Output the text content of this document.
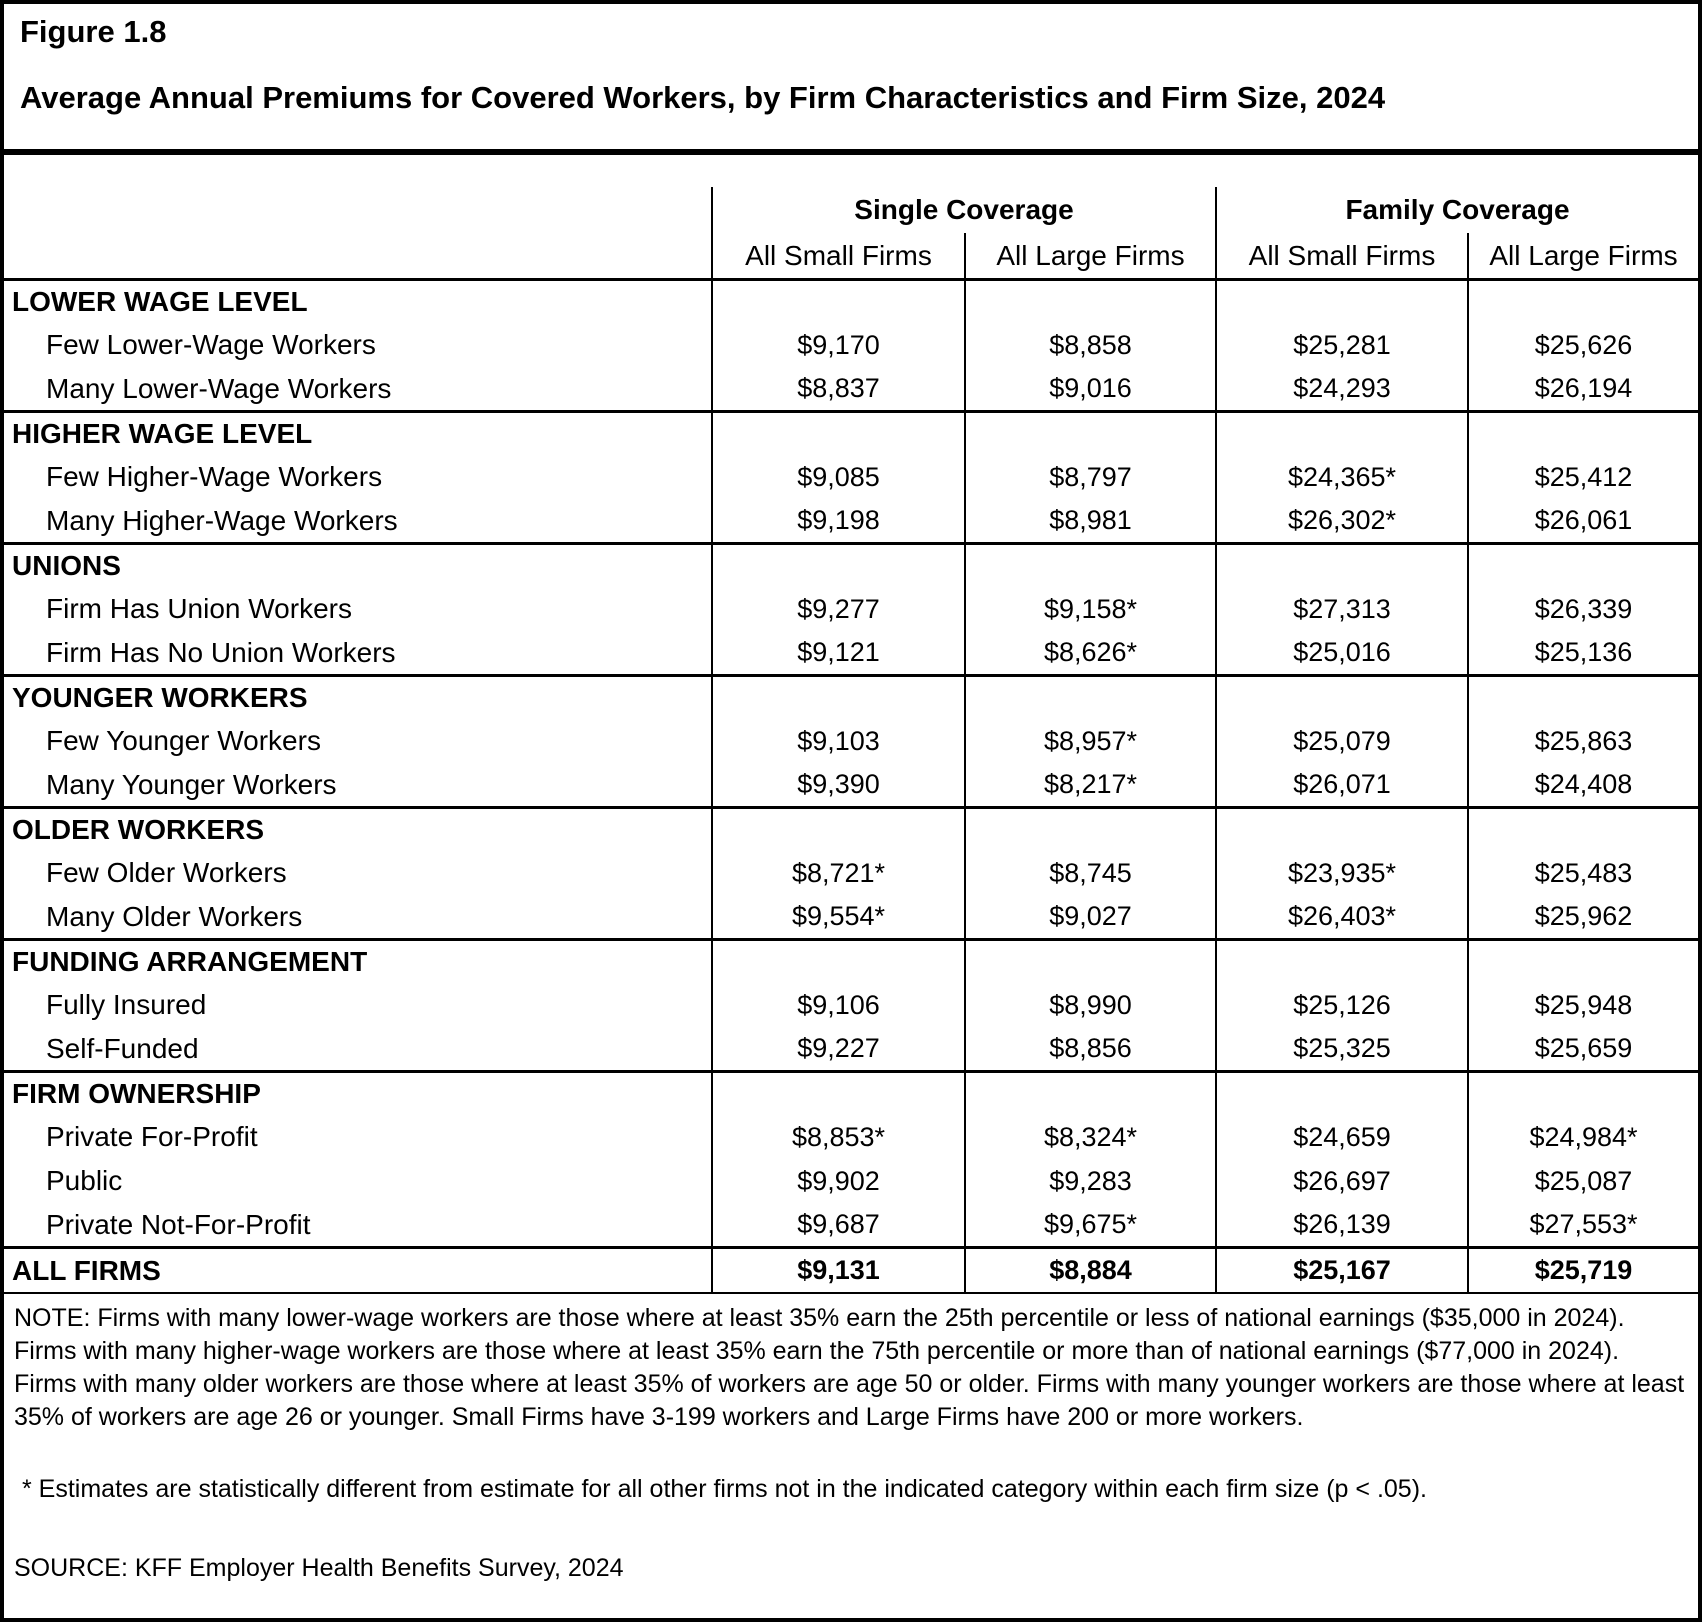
Figure 1.8
Average Annual Premiums for Covered Workers, by Firm Characteristics and Firm Size, 2024
	Single Coverage		Family Coverage	
	All Small Firms	All Large Firms	All Small Firms	All Large Firms
LOWER WAGE LEVEL				
Few Lower-Wage Workers	$9,170	$8,858	$25,281	$25,626
Many Lower-Wage Workers	$8,837	$9,016	$24,293	$26,194
HIGHER WAGE LEVEL				
Few Higher-Wage Workers	$9,085	$8,797	$24,365*	$25,412
Many Higher-Wage Workers	$9,198	$8,981	$26,302*	$26,061
UNIONS				
Firm Has Union Workers	$9,277	$9,158*	$27,313	$26,339
Firm Has No Union Workers	$9,121	$8,626*	$25,016	$25,136
YOUNGER WORKERS				
Few Younger Workers	$9,103	$8,957*	$25,079	$25,863
Many Younger Workers	$9,390	$8,217*	$26,071	$24,408
OLDER WORKERS				
Few Older Workers	$8,721*	$8,745	$23,935*	$25,483
Many Older Workers	$9,554*	$9,027	$26,403*	$25,962
FUNDING ARRANGEMENT				
Fully Insured	$9,106	$8,990	$25,126	$25,948
Self-Funded	$9,227	$8,856	$25,325	$25,659
FIRM OWNERSHIP				
Private For-Profit	$8,853*	$8,324*	$24,659	$24,984*
Public	$9,902	$9,283	$26,697	$25,087
Private Not-For-Profit	$9,687	$9,675*	$26,139	$27,553*
ALL FIRMS	$9,131	$8,884	$25,167	$25,719

NOTE: Firms with many lower-wage workers are those where at least 35% earn the 25th percentile or less of national earnings ($35,000 in 2024). Firms with many higher-wage workers are those where at least 35% earn the 75th percentile or more than of national earnings ($77,000 in 2024). Firms with many older workers are those where at least 35% of workers are age 50 or older. Firms with many younger workers are those where at least 35% of workers are age 26 or younger. Small Firms have 3-199 workers and Large Firms have 200 or more workers.

* Estimates are statistically different from estimate for all other firms not in the indicated category within each firm size (p < .05).

SOURCE: KFF Employer Health Benefits Survey, 2024
